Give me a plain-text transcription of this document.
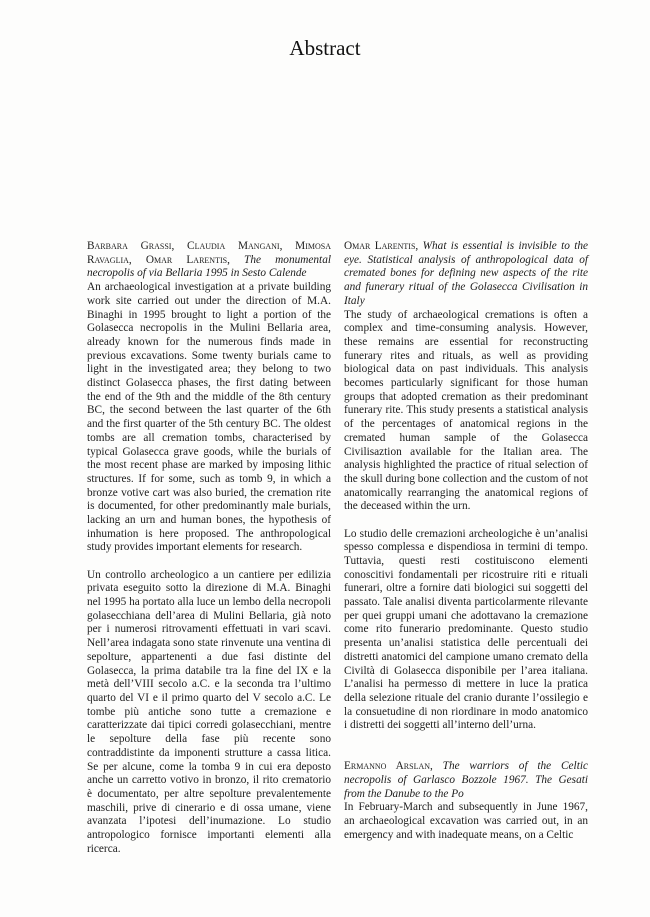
Abstract

Barbara Grassi, Claudia Mangani, Mimosa Ravaglia, Omar Larentis, The monumental necropolis of via Bellaria 1995 in Sesto Calende

An archaeological investigation at a private building work site carried out under the direction of M.A. Binaghi in 1995 brought to light a portion of the Golasecca necropolis in the Mulini Bellaria area, already known for the numerous finds made in previous excavations. Some twenty burials came to light in the investigated area; they belong to two distinct Golasecca phases, the first dating between the end of the 9th and the middle of the 8th century BC, the second between the last quarter of the 6th and the first quarter of the 5th century BC. The oldest tombs are all cremation tombs, characterised by typical Golasecca grave goods, while the burials of the most recent phase are marked by imposing lithic structures. If for some, such as tomb 9, in which a bronze votive cart was also buried, the cremation rite is documented, for other predominantly male burials, lacking an urn and human bones, the hypothesis of inhumation is here proposed. The anthropological study provides important elements for research.

Un controllo archeologico a un cantiere per edilizia privata eseguito sotto la direzione di M.A. Binaghi nel 1995 ha portato alla luce un lembo della necropoli golasecchiana dell’area di Mulini Bellaria, già noto per i numerosi ritrovamenti effettuati in vari scavi. Nell’area indagata sono state rinvenute una ventina di sepolture, appartenenti a due fasi distinte del Golasecca, la prima databile tra la fine del IX e la metà dell’VIII secolo a.C. e la seconda tra l’ultimo quarto del VI e il primo quarto del V secolo a.C. Le tombe più antiche sono tutte a cremazione e caratterizzate dai tipici corredi golasecchiani, mentre le sepolture della fase più recente sono contraddistinte da imponenti strutture a cassa litica. Se per alcune, come la tomba 9 in cui era deposto anche un carretto votivo in bronzo, il rito crematorio è documentato, per altre sepolture prevalentemente maschili, prive di cinerario e di ossa umane, viene avanzata l’ipotesi dell’inumazione. Lo studio antropologico fornisce importanti elementi alla ricerca.

Omar Larentis, What is essential is invisible to the eye. Statistical analysis of anthropological data of cremated bones for defining new aspects of the rite and funerary ritual of the Golasecca Civilisation in Italy

The study of archaeological cremations is often a complex and time-consuming analysis. However, these remains are essential for reconstructing funerary rites and rituals, as well as providing biological data on past individuals. This analysis becomes particularly significant for those human groups that adopted cremation as their predominant funerary rite. This study presents a statistical analysis of the percentages of anatomical regions in the cremated human sample of the Golasecca Civilisaztion available for the Italian area. The analysis highlighted the practice of ritual selection of the skull during bone collection and the custom of not anatomically rearranging the anatomical regions of the deceased within the urn.

Lo studio delle cremazioni archeologiche è un’analisi spesso complessa e dispendiosa in termini di tempo. Tuttavia, questi resti costituiscono elementi conoscitivi fondamentali per ricostruire riti e rituali funerari, oltre a fornire dati biologici sui soggetti del passato. Tale analisi diventa particolarmente rilevante per quei gruppi umani che adottavano la cremazione come rito funerario predominante. Questo studio presenta un’analisi statistica delle percentuali dei distretti anatomici del campione umano cremato della Civiltà di Golasecca disponibile per l’area italiana. L’analisi ha permesso di mettere in luce la pratica della selezione rituale del cranio durante l’ossilegio e la consuetudine di non riordinare in modo anatomico i distretti dei soggetti all’interno dell’urna.

Ermanno Arslan, The warriors of the Celtic necropolis of Garlasco Bozzole 1967. The Gesati from the Danube to the Po

In February-March and subsequently in June 1967, an archaeological excavation was carried out, in an emergency and with inadequate means, on a Celtic
